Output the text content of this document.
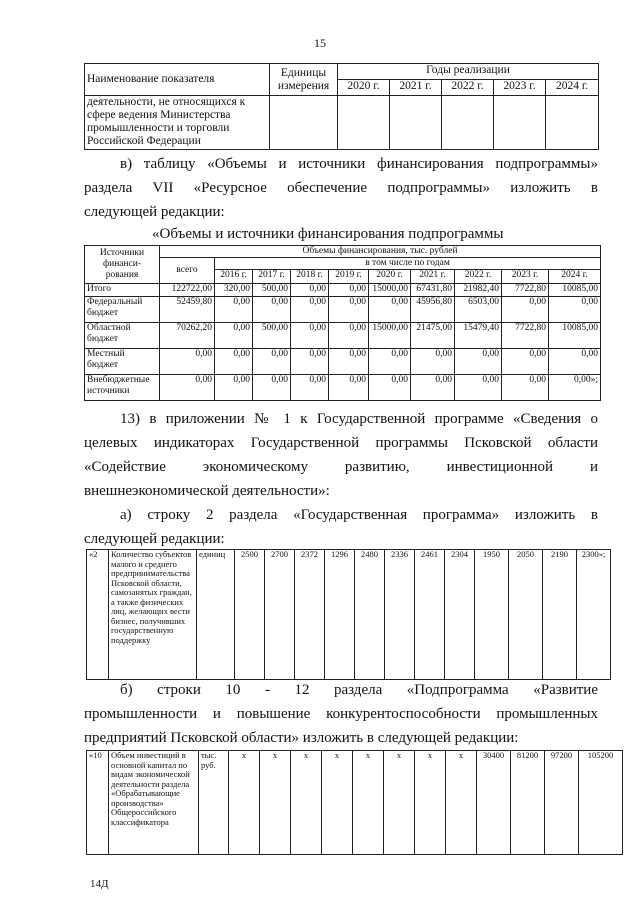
15
Наименование показателя	Единицы измерения	Годы реализации				
		2020 г.	2021 г.	2022 г.	2023 г.	2024 г.
деятельности, не относящихся к сфере ведения Министерства промышленности и торговли Российской Федерации						
в) таблицу «Объемы и источники финансирования подпрограммы»
раздела VII «Ресурсное обеспечение подпрограммы» изложить в
следующей редакции:
«Объемы и источники финансирования подпрограммы
Источники финанси- рования	Объемы финансирования, тыс. рублей									
	всего	в том числе по годам								
		2016 г.	2017 г.	2018 г.	2019 г.	2020 г.	2021 г.	2022 г.	2023 г.	2024 г.
Итого	122722,00	320,00	500,00	0,00	0,00	15000,00	67431,80	21982,40	7722,80	10085,00
Федеральный бюджет	52459,80	0,00	0,00	0,00	0,00	0,00	45956,80	6503,00	0,00	0,00
Областной бюджет	70262,20	0,00	500,00	0,00	0,00	15000,00	21475,00	15479,40	7722,80	10085,00
Местный бюджет	0,00	0,00	0,00	0,00	0,00	0,00	0,00	0,00	0,00	0,00
Внебюджетные источники	0,00	0,00	0,00	0,00	0,00	0,00	0,00	0,00	0,00	0,00»;
13) в приложении № 1 к Государственной программе «Сведения о
целевых индикаторах Государственной программы Псковской области
«Содействие экономическому развитию, инвестиционной и
внешнеэкономической деятельности»:
а) строку 2 раздела «Государственная программа» изложить в
следующей редакции:
«2	Количество субъектов малого и среднего предпринимательства Псковской области, самозанятых граждан, а также физических лиц, желающих вести бизнес, получивших государственную поддержку	единиц	2500	2700	2372	1296	2480	2336	2461	2304	1950	2050	2190	2300»;
б) строки 10 - 12 раздела «Подпрограмма «Развитие
промышленности и повышение конкурентоспособности промышленных
предприятий Псковской области» изложить в следующей редакции:
«10	Объем инвестиций в основной капитал по видам экономической деятельности раздела «Обрабатывающие производства» Общероссийского классификатора	тыс. руб.	х	х	х	х	х	х	х	х	30400	81200	97200	105200
14Д
